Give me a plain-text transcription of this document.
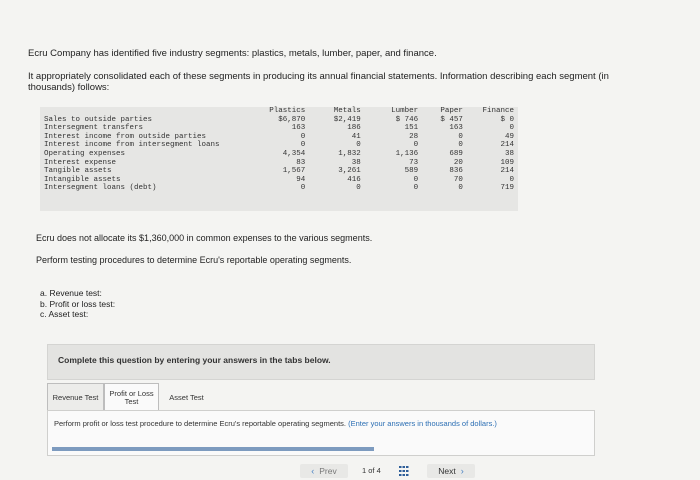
Ecru Company has identified five industry segments: plastics, metals, lumber, paper, and finance.
It appropriately consolidated each of these segments in producing its annual financial statements. Information describing each segment (in thousands) follows:
	Plastics	Metals	Lumber	Paper	Finance
Sales to outside parties	$6,870	$2,419	$ 746	$ 457	$ 0
Intersegment transfers	163	186	151	163	0
Interest income from outside parties	0	41	28	0	49
Interest income from intersegment loans	0	0	0	0	214
Operating expenses	4,354	1,832	1,136	689	38
Interest expense	83	38	73	20	109
Tangible assets	1,567	3,261	589	836	214
Intangible assets	94	416	0	70	0
Intersegment loans (debt)	0	0	0	0	719
Ecru does not allocate its $1,360,000 in common expenses to the various segments.
Perform testing procedures to determine Ecru's reportable operating segments.
a. Revenue test:
b. Profit or loss test:
c. Asset test:
Complete this question by entering your answers in the tabs below.
Revenue Test	Profit or Loss Test	Asset Test
Perform profit or loss test procedure to determine Ecru's reportable operating segments. (Enter your answers in thousands of dollars.)
‹ Prev	1 of 4	Next ›
